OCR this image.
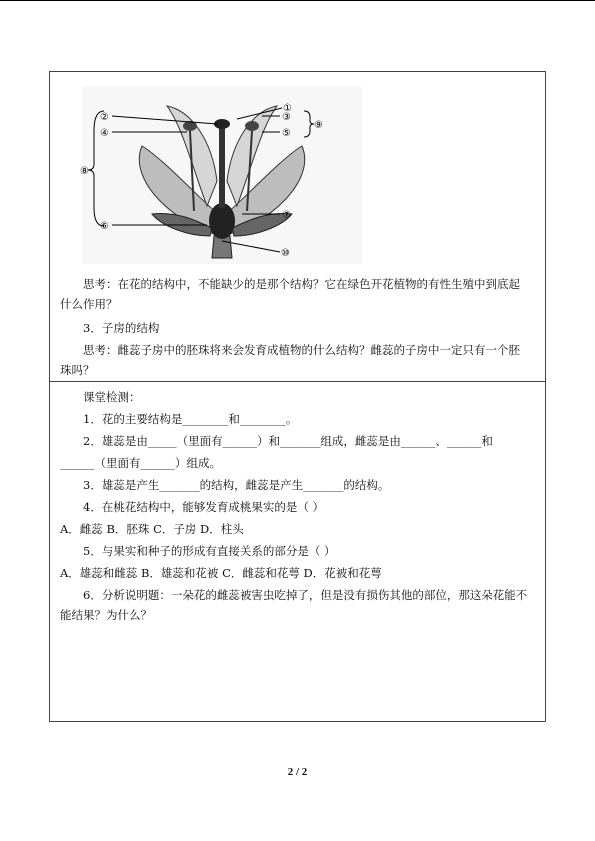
①
②	③
④	⑤
⑥
⑦
⑧
⑨
⑩
思考：在花的结构中，不能缺少的是那个结构？它在绿色开花植物的有性生殖中到底起
什么作用？
3．子房的结构
思考：雌蕊子房中的胚珠将来会发育成植物的什么结构？雌蕊的子房中一定只有一个胚
珠吗？
课堂检测：
1．花的主要结构是________和________。
2．雄蕊是由_____（里面有______）和_______组成，雌蕊是由______、______和
______（里面有______）组成。
3．雄蕊是产生_______的结构，雌蕊是产生_______的结构。
4．在桃花结构中，能够发育成桃果实的是（ ）
A．雌蕊 B．胚珠 C．子房 D．柱头
5．与果实和种子的形成有直接关系的部分是（ ）
A．雄蕊和雌蕊 B．雄蕊和花被 C．雌蕊和花萼 D．花被和花萼
6．分析说明题：一朵花的雌蕊被害虫吃掉了，但是没有损伤其他的部位，那这朵花能不
能结果？为什么？
2 / 2
